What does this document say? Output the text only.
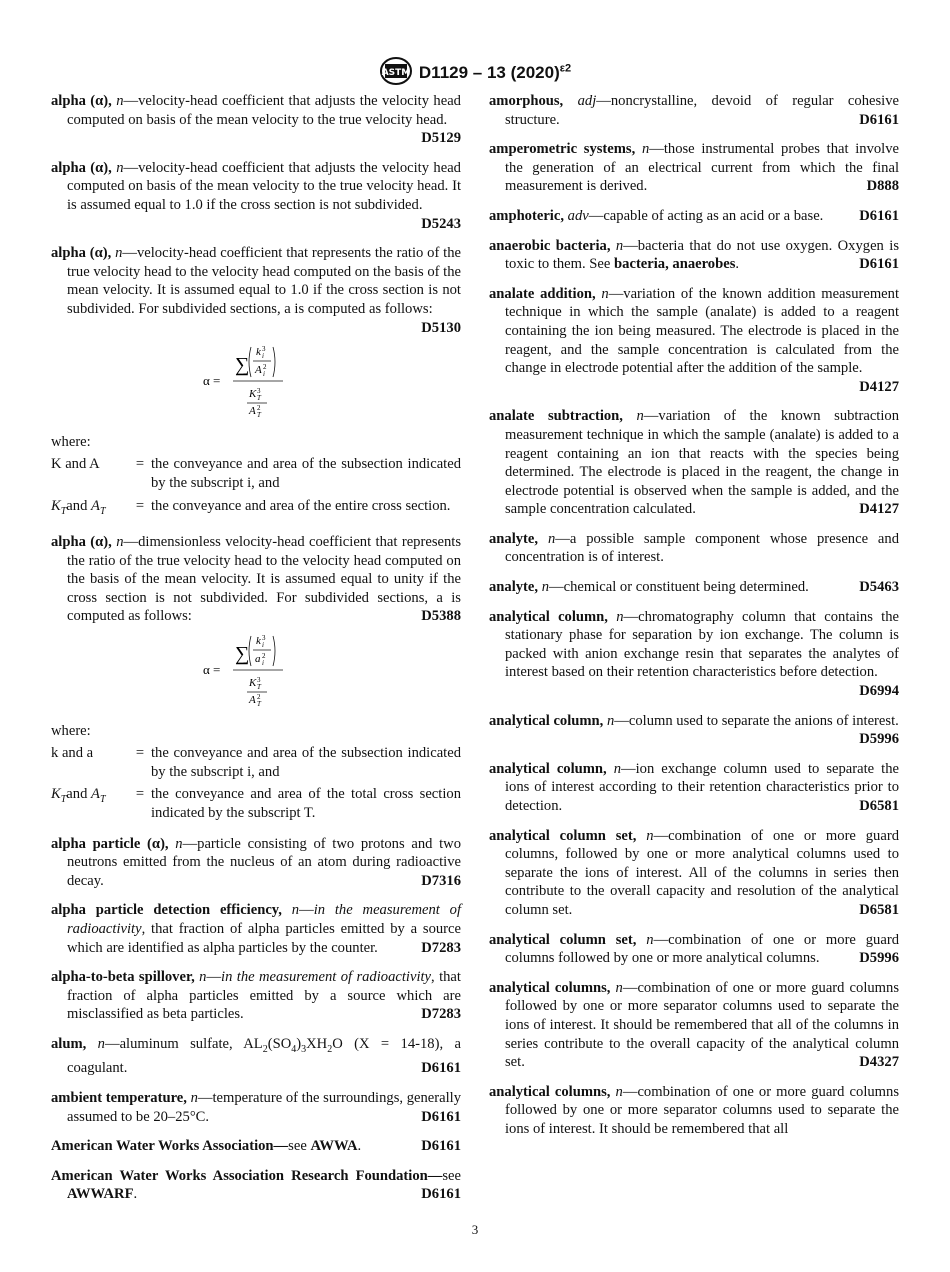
ASTM D1129 – 13 $(2020)^{\varepsilon 2}$
alpha (α), n—velocity-head coefficient that adjusts the velocity head computed on basis of the mean velocity to the true velocity head.
D5129
alpha (α), n—velocity-head coefficient that adjusts the velocity head computed on basis of the mean velocity to the true velocity head. It is assumed equal to 1.0 if the cross section is not subdivided.
D5243
alpha (α), n—velocity-head coefficient that represents the ratio of the true velocity head to the velocity head computed on the basis of the mean velocity. It is assumed equal to 1.0 if the cross section is not subdivided. For subdivided sections, a is computed as follows:
D5130
α =
∑
k 3
i
A 2
i
K 3
T
A 2
T
where:
K and A	= the conveyance and area of the subsection indicated by the subscript i, and
$K_Tand$ $A_T$	= the conveyance and area of the entire cross section.
alpha (α), n—dimensionless velocity-head coefficient that represents the ratio of the true velocity head to the velocity head computed on the basis of the mean velocity. It is assumed equal to unity if the cross section is not subdivided. For subdivided sections, a is computed as follows:	D5388
α =
∑
k 3
i
a 2
i
K 3
T
A 2
T
where:
k and a	= the conveyance and area of the subsection indicated by the subscript i, and
$K_Tand$ $A_T$	= the conveyance and area of the total cross section indicated by the subscript T.
alpha particle (α), n—particle consisting of two protons and two neutrons emitted from the nucleus of an atom during radioactive decay.	D7316
alpha particle detection efficiency, n—in the measurement of radioactivity, that fraction of alpha particles emitted by a source which are identified as alpha particles by the counter.	D7283
alpha-to-beta spillover, n—in the measurement of radioactivity, that fraction of alpha particles emitted by a source which are misclassified as beta particles.	D7283
alum, n—aluminum sulfate, $AL_2(SO_4)_3XH_2O$ (X = 14-18), a coagulant.	D6161
ambient temperature, n—temperature of the surroundings, generally assumed to be 20–25°C.	D6161
American Water Works Association—see AWWA.	D6161
American Water Works Association Research Foundation—see AWWARF.	D6161
amorphous, adj—noncrystalline, devoid of regular cohesive structure.	D6161
amperometric systems, n—those instrumental probes that involve the generation of an electrical current from which the final measurement is derived.	D888
amphoteric, adv—capable of acting as an acid or a base. D6161
anaerobic bacteria, n—bacteria that do not use oxygen. Oxygen is toxic to them. See bacteria, anaerobes.	D6161
analate addition, n—variation of the known addition measurement technique in which the sample (analate) is added to a reagent containing the ion being measured. The electrode is placed in the reagent, and the sample concentration is calculated from the change in electrode potential after the addition of the sample.
D4127
analate subtraction, n—variation of the known subtraction measurement technique in which the sample (analate) is added to a reagent containing an ion that reacts with the species being determined. The electrode is placed in the reagent, the change in electrode potential is observed when the sample is added, and the sample concentration calculated.	D4127
analyte, n—a possible sample component whose presence and concentration is of interest.
analyte, n—chemical or constituent being determined.	D5463
analytical column, n—chromatography column that contains the stationary phase for separation by ion exchange. The column is packed with anion exchange resin that separates the analytes of interest based on their retention characteristics before detection.
D6994
analytical column, n—column used to separate the anions of interest.
D5996
analytical column, n—ion exchange column used to separate the ions of interest according to their retention characteristics prior to detection.	D6581
analytical column set, n—combination of one or more guard columns, followed by one or more analytical columns used to separate the ions of interest. All of the columns in series then contribute to the overall capacity and resolution of the analytical column set.	D6581
analytical column set, n—combination of one or more guard columns followed by one or more analytical columns.	D5996
analytical columns, n—combination of one or more guard columns followed by one or more separator columns used to separate the ions of interest. It should be remembered that all of the columns in series contribute to the overall capacity of the analytical column set.	D4327
analytical columns, n—combination of one or more guard columns followed by one or more separator columns used to separate the ions of interest. It should be remembered that all
3
